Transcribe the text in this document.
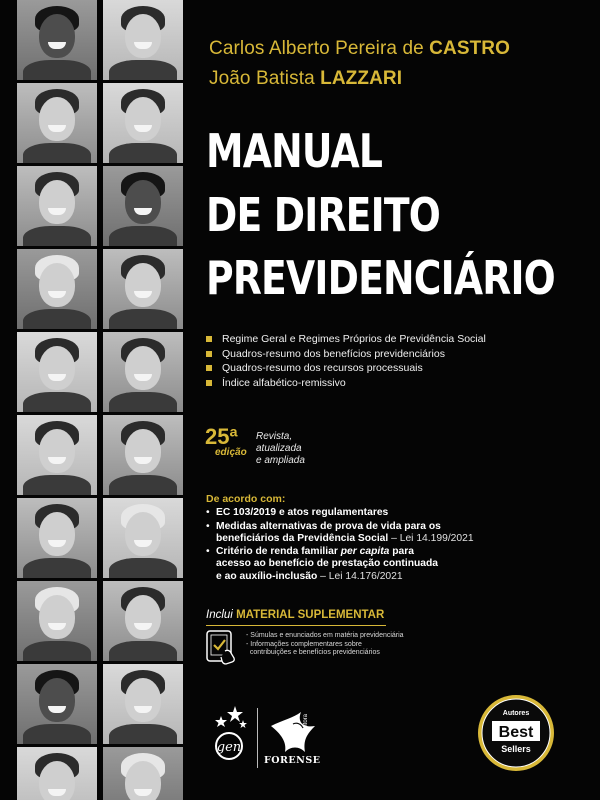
Carlos Alberto Pereira de CASTRO
João Batista LAZZARI
MANUAL
DE DIREITO
PREVIDENCIÁRIO
Regime Geral e Regimes Próprios de Previdência Social
Quadros-resumo dos benefícios previdenciários
Quadros-resumo dos recursos processuais
Índice alfabético-remissivo
25ª
edição
Revista,
atualizada
e ampliada
De acordo com:
• EC 103/2019 e atos regulamentares
• Medidas alternativas de prova de vida para os
beneficiários da Previdência Social – Lei 14.199/2021
• Critério de renda familiar per capita para
acesso ao benefício de prestação continuada
e ao auxílio-inclusão – Lei 14.176/2021
Inclui MATERIAL SUPLEMENTAR
- Súmulas e enunciados em matéria previdenciária
- Informações complementares sobre
contribuições e benefícios previdenciários
gen
Editora
FORENSE
Autores
Best
Sellers
